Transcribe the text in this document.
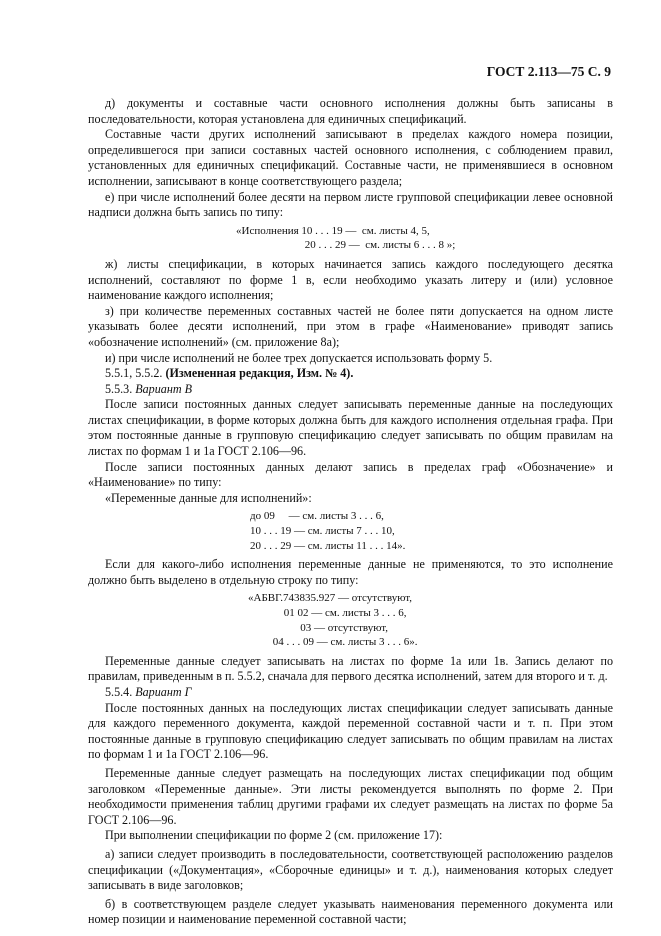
ГОСТ 2.113—75 С. 9

д) документы и составные части основного исполнения должны быть записаны в последовательности, которая установлена для единичных спецификаций.

Составные части других исполнений записывают в пределах каждого номера позиции, определившегося при записи составных частей основного исполнения, с соблюдением правил, установленных для единичных спецификаций. Составные части, не применявшиеся в основном исполнении, записывают в конце соответствующего раздела;

е) при числе исполнений более десяти на первом листе групповой спецификации левее основной надписи должна быть запись по типу:

«Исполнения 10 . . . 19 —  см. листы 4, 5,
20 . . . 29 —  см. листы 6 . . . 8 »;

ж) листы спецификации, в которых начинается запись каждого последующего десятка исполнений, составляют по форме 1 в, если необходимо указать литеру и (или) условное наименование каждого исполнения;

з) при количестве переменных составных частей не более пяти допускается на одном листе указывать более десяти исполнений, при этом в графе «Наименование» приводят запись «обозначение исполнений» (см. приложение 8а);

и) при числе исполнений не более трех допускается использовать форму 5.

5.5.1, 5.5.2. (Измененная редакция, Изм. № 4).

5.5.3. Вариант В

После записи постоянных данных следует записывать переменные данные на последующих листах спецификации, в форме которых должна быть для каждого исполнения отдельная графа. При этом постоянные данные в групповую спецификацию следует записывать по общим правилам на листах по формам 1 и 1а ГОСТ 2.106—96.

После записи постоянных данных делают запись в пределах граф «Обозначение» и «Наименование» по типу:

«Переменные данные для исполнений»:

до 09     — см. листы 3 . . . 6,
10 . . . 19 — см. листы 7 . . . 10,
20 . . . 29 — см. листы 11 . . . 14».

Если для какого-либо исполнения переменные данные не применяются, то это исполнение должно быть выделено в отдельную строку по типу:

«АБВГ.743835.927 — отсутствуют,
01 02 — см. листы 3 . . . 6,
03 — отсутствуют,
04 . . . 09 — см. листы 3 . . . 6».

Переменные данные следует записывать на листах по форме 1а или 1в. Запись делают по правилам, приведенным в п. 5.5.2, сначала для первого десятка исполнений, затем для второго и т. д.

5.5.4. Вариант Г

После постоянных данных на последующих листах спецификации следует записывать данные для каждого переменного документа, каждой переменной составной части и т. п. При этом постоянные данные в групповую спецификацию следует записывать по общим правилам на листах по формам 1 и 1а ГОСТ 2.106—96.

Переменные данные следует размещать на последующих листах спецификации под общим заголовком «Переменные данные». Эти листы рекомендуется выполнять по форме 2. При необходимости применения таблиц другими графами их следует размещать на листах по форме 5а ГОСТ 2.106—96.

При выполнении спецификации по форме 2 (см. приложение 17):

а) записи следует производить в последовательности, соответствующей расположению разделов спецификации («Документация», «Сборочные единицы» и т. д.), наименования которых следует записывать в виде заголовков;

б) в соответствующем разделе следует указывать наименования переменного документа или номер позиции и наименование переменной составной части;
